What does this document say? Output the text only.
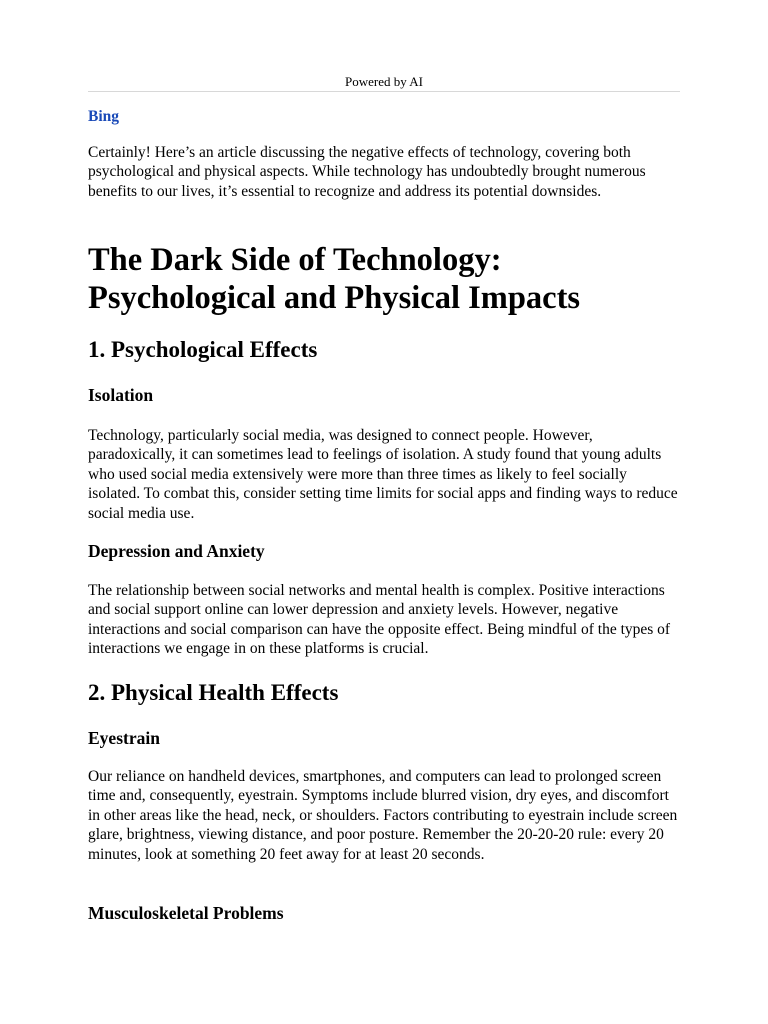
Powered by AI
Bing

Certainly! Here’s an article discussing the negative effects of technology, covering both psychological and physical aspects. While technology has undoubtedly brought numerous benefits to our lives, it’s essential to recognize and address its potential downsides.

The Dark Side of Technology: Psychological and Physical Impacts
1. Psychological Effects
Isolation

Technology, particularly social media, was designed to connect people. However, paradoxically, it can sometimes lead to feelings of isolation. A study found that young adults who used social media extensively were more than three times as likely to feel socially isolated. To combat this, consider setting time limits for social apps and finding ways to reduce social media use.

Depression and Anxiety

The relationship between social networks and mental health is complex. Positive interactions and social support online can lower depression and anxiety levels. However, negative interactions and social comparison can have the opposite effect. Being mindful of the types of interactions we engage in on these platforms is crucial.

2. Physical Health Effects
Eyestrain

Our reliance on handheld devices, smartphones, and computers can lead to prolonged screen time and, consequently, eyestrain. Symptoms include blurred vision, dry eyes, and discomfort in other areas like the head, neck, or shoulders. Factors contributing to eyestrain include screen glare, brightness, viewing distance, and poor posture. Remember the 20-20-20 rule: every 20 minutes, look at something 20 feet away for at least 20 seconds.

Musculoskeletal Problems
